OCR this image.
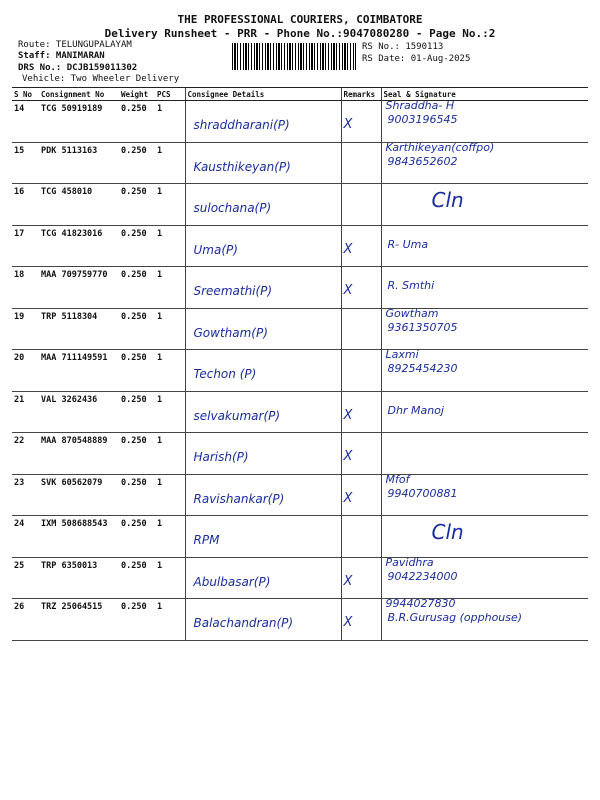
THE PROFESSIONAL COURIERS, COIMBATORE
Delivery Runsheet - PRR - Phone No.:9047080280 - Page No.:2
Route: TELUNGUPALAYAM
Staff: MANIMARAN
DRS No.: DCJB159011302
Vehicle: Two Wheeler Delivery
RS No.: 1590113
RS Date: 01-Aug-2025
S No	Consignment No	Weight	PCS	Consignee Details	Remarks	Seal & Signature
14	TCG 50919189	0.250	1	shraddharani(P)	X	Shraddha- H
9003196545

15	PDK 5113163	0.250	1	Kausthikeyan(P)		Karthikeyan(coffpo)
9843652602

16	TCG 458010	0.250	1	sulochana(P)		Cln

17	TCG 41823016	0.250	1	Uma(P)	X	R- Uma

18	MAA 709759770	0.250	1	Sreemathi(P)	X	R. Smthi

19	TRP 5118304	0.250	1	Gowtham(P)		Gowtham
9361350705

20	MAA 711149591	0.250	1	Techon (P)		Laxmi
8925454230

21	VAL 3262436	0.250	1	selvakumar(P)	X	Dhr Manoj

22	MAA 870548889	0.250	1	Harish(P)	X	

23	SVK 60562079	0.250	1	Ravishankar(P)	X	Mfof
9940700881

24	IXM 508688543	0.250	1	RPM		Cln

25	TRP 6350013	0.250	1	Abulbasar(P)	X	Pavidhra
9042234000

26	TRZ 25064515	0.250	1	Balachandran(P)	X	9944027830
B.R.Gurusag (opphouse)
